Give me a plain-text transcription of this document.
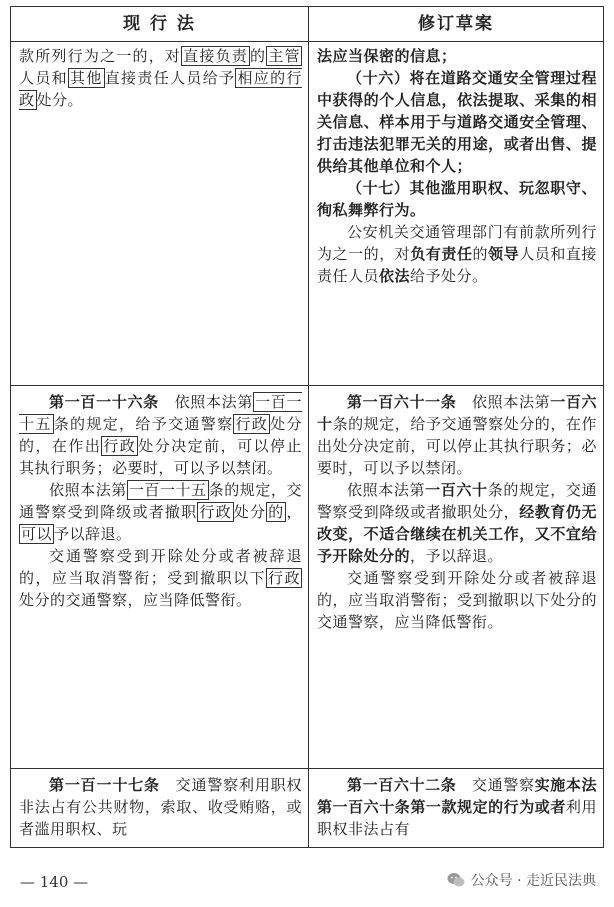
现 行 法	修订草案

款所列行为之一的，对 直接负责 的 主管人员和 其他 直接责任人员给予 相应的行政 处分。

法应当保密的信息；

（十六）将在道路交通安全管理过程中获得的个人信息，依法提取、采集的相关信息、样本用于与道路交通安全管理、打击违法犯罪无关的用途，或者出售、提供给其他单位和个人；

（十七）其他滥用职权、玩忽职守、徇私舞弊行为。

公安机关交通管理部门有前款所列行为之一的，对负有责任的领导人员和直接责任人员依法给予处分。

第一百一十六条　依照本法第 一百一十五 条的规定，给予交通警察 行政 处分的，在作出 行政 处分决定前，可以停止其执行职务；必要时，可以予以禁闭。

依照本法第 一百一十五 条的规定，交通警察受到降级或者撤职 行政 处分 的 ，可以 予以辞退。

交通警察受到开除处分或者被辞退的，应当取消警衔；受到撤职以下 行政处分的交通警察，应当降低警衔。

第一百六十一条　依照本法第一百六十条的规定，给予交通警察处分的，在作出处分决定前，可以停止其执行职务；必要时，可以予以禁闭。

依照本法第一百六十条的规定，交通警察受到降级或者撤职处分，经教育仍无改变，不适合继续在机关工作，又不宜给予开除处分的，予以辞退。

交通警察受到开除处分或者被辞退的，应当取消警衔；受到撤职以下处分的交通警察，应当降低警衔。

第一百一十七条　交通警察利用职权非法占有公共财物，索取、收受贿赂，或者滥用职权、玩

第一百六十二条　交通警察实施本法第一百六十条第一款规定的行为或者利用职权非法占有

— 140 —	公众号 · 走近民法典
